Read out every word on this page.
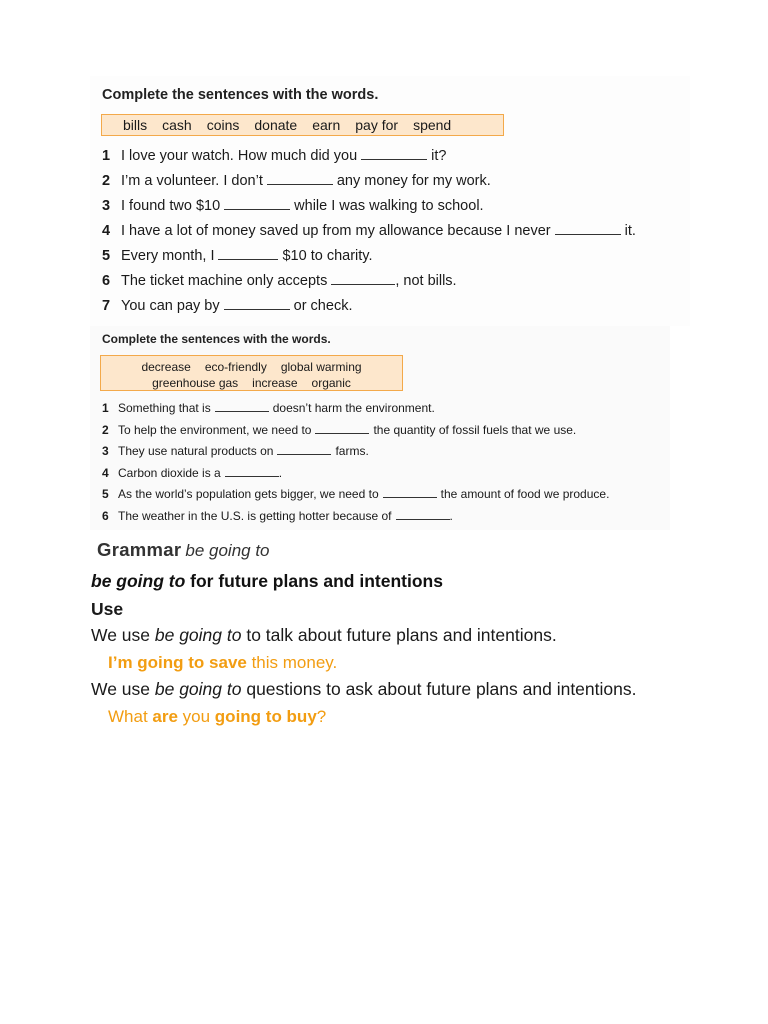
Complete the sentences with the words.
bills cash coins donate earn pay for spend
1 I love your watch. How much did you	it?
2 I’m a volunteer. I don’t	any money for my work.
3 I found two $10	while I was walking to school.
4 I have a lot of money saved up from my allowance because I never	it.
5 Every month, I	$10 to charity.
6 The ticket machine only accepts	, not bills.
7 You can pay by	or check.
Complete the sentences with the words.
decrease eco-friendly global warming
greenhouse gas increase organic
1 Something that is	doesn’t harm the environment.
2 To help the environment, we need to	the quantity of fossil fuels that we use.
3 They use natural products on	farms.
4 Carbon dioxide is a	.
5 As the world’s population gets bigger, we need to	the amount of food we produce.
6 The weather in the U.S. is getting hotter because of	.
Grammar be going to
be going to for future plans and intentions
Use
We use be going to to talk about future plans and intentions.
I’m going to save this money.
We use be going to questions to ask about future plans and intentions.
What are you going to buy?
